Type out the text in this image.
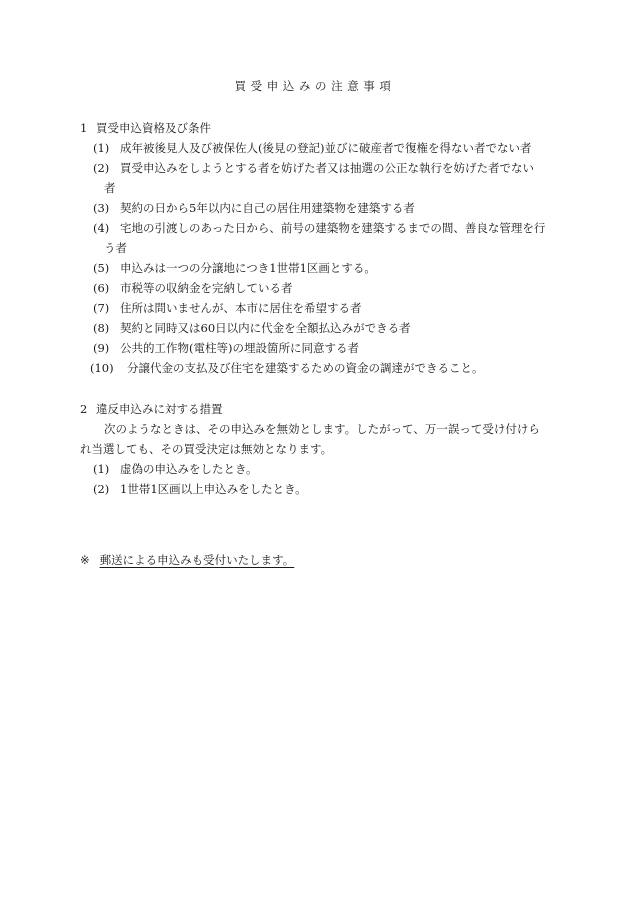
買受申込みの注意事項
1 買受申込資格及び条件
(1) 成年被後見人及び被保佐人(後見の登記)並びに破産者で復権を得ない者でない者
(2) 買受申込みをしようとする者を妨げた者又は抽選の公正な執行を妨げた者でない
者
(3) 契約の日から5年以内に自己の居住用建築物を建築する者
(4) 宅地の引渡しのあった日から、前号の建築物を建築するまでの間、善良な管理を行
う者
(5) 申込みは一つの分譲地につき1世帯1区画とする。
(6) 市税等の収納金を完納している者
(7) 住所は問いませんが、本市に居住を希望する者
(8) 契約と同時又は60日以内に代金を全額払込みができる者
(9) 公共的工作物(電柱等)の埋設箇所に同意する者
(10) 分譲代金の支払及び住宅を建築するための資金の調達ができること。
2 違反申込みに対する措置
次のようなときは、その申込みを無効とします。したがって、万一誤って受け付けら
れ当選しても、その買受決定は無効となります。
(1) 虚偽の申込みをしたとき。
(2) 1世帯1区画以上申込みをしたとき。
※ 郵送による申込みも受付いたします。
